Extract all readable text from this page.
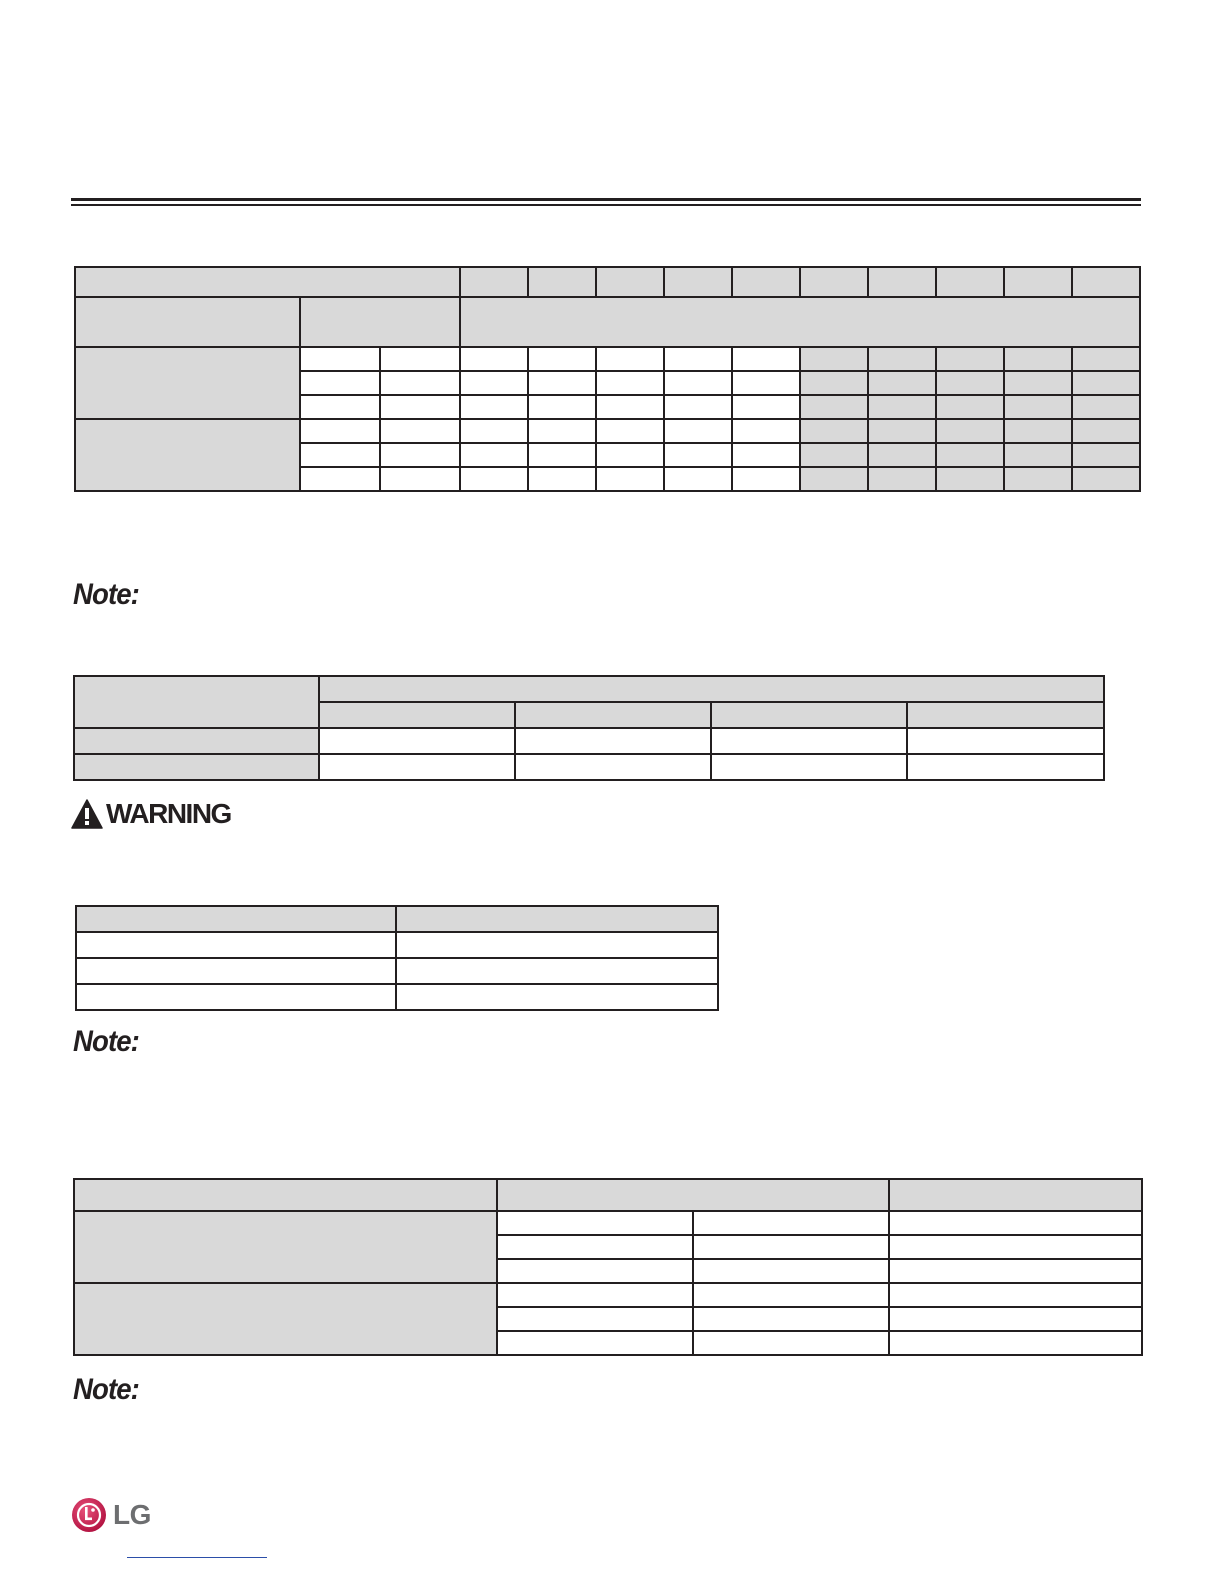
Note:

WARNING

Note:

Note:
LG
